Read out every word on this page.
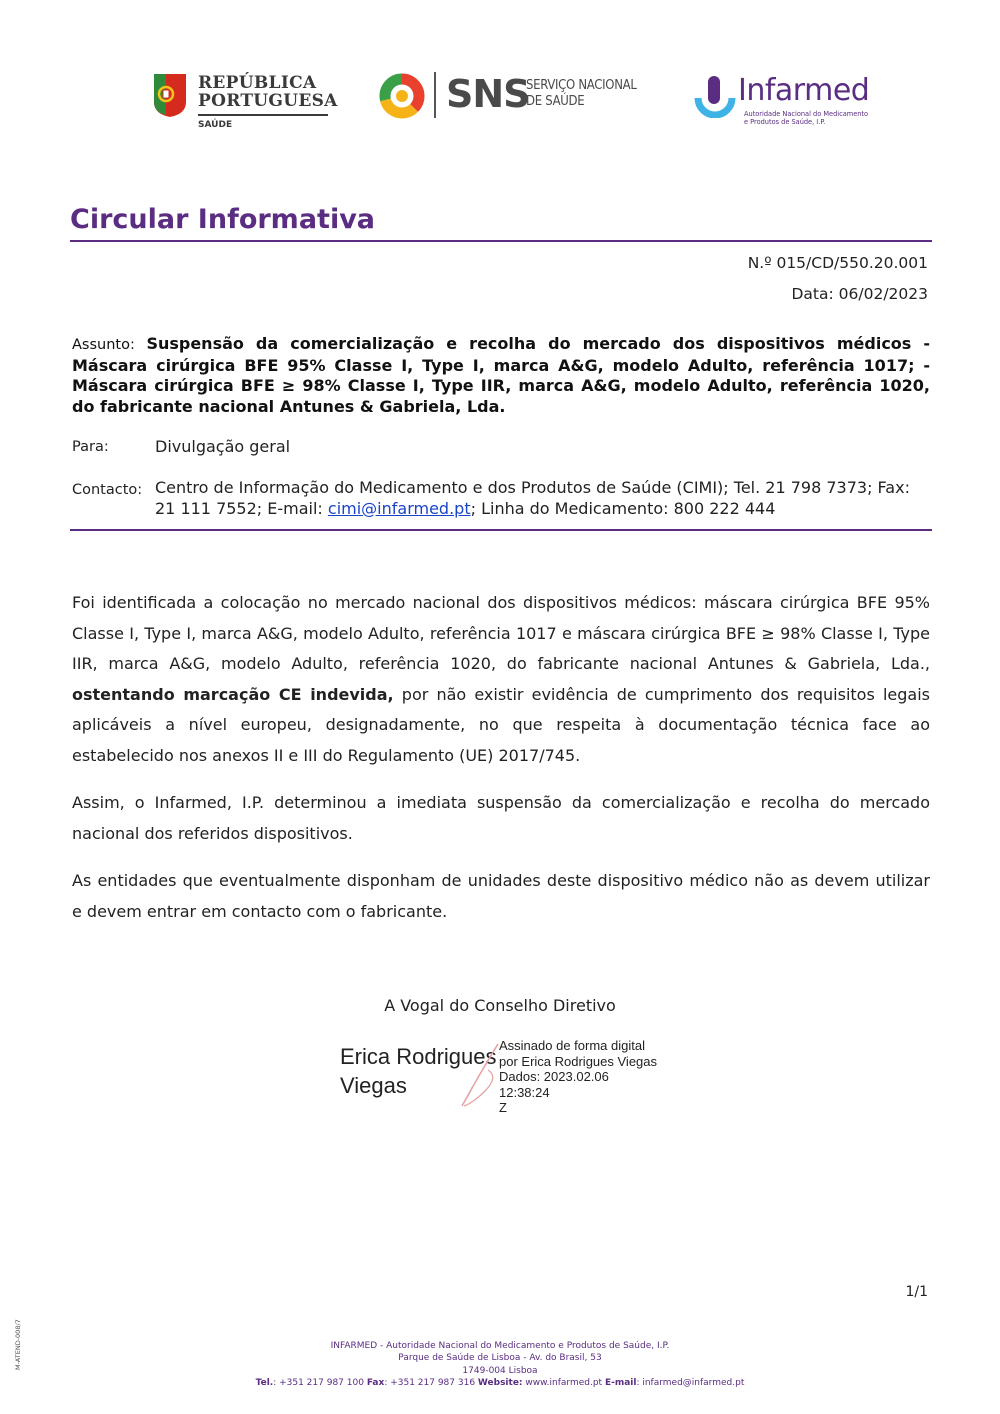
REPÚBLICA
PORTUGUESA
SAÚDE
SNS
SERVIÇO NACIONAL
DE SAÚDE	Infarmed
Autoridade Nacional do Medicamento
e Produtos de Saúde, I.P.
Circular Informativa
N.º 015/CD/550.20.001
Data: 06/02/2023
Assunto: Suspensão da comercialização e recolha do mercado dos dispositivos médicos - Máscara cirúrgica BFE 95% Classe I, Type I, marca A&G, modelo Adulto, referência 1017; - Máscara cirúrgica BFE ≥ 98% Classe I, Type IIR, marca A&G, modelo Adulto, referência 1020, do fabricante nacional Antunes & Gabriela, Lda.
Para:	Divulgação geral
Contacto: Centro de Informação do Medicamento e dos Produtos de Saúde (CIMI); Tel. 21 798 7373; Fax: 21 111 7552; E-mail: cimi@infarmed.pt; Linha do Medicamento: 800 222 444
Foi identificada a colocação no mercado nacional dos dispositivos médicos: máscara cirúrgica BFE 95% Classe I, Type I, marca A&G, modelo Adulto, referência 1017 e máscara cirúrgica BFE ≥ 98% Classe I, Type IIR, marca A&G, modelo Adulto, referência 1020, do fabricante nacional Antunes & Gabriela, Lda., ostentando marcação CE indevida, por não existir evidência de cumprimento dos requisitos legais aplicáveis a nível europeu, designadamente, no que respeita à documentação técnica face ao estabelecido nos anexos II e III do Regulamento (UE) 2017/745.
Assim, o Infarmed, I.P. determinou a imediata suspensão da comercialização e recolha do mercado nacional dos referidos dispositivos.
As entidades que eventualmente disponham de unidades deste dispositivo médico não as devem utilizar e devem entrar em contacto com o fabricante.
A Vogal do Conselho Diretivo
Erica Rodrigues
Viegas
Assinado de forma digital
por Erica Rodrigues Viegas
Dados: 2023.02.06 12:38:24
Z
1/1
M-ATEND-008/7	INFARMED - Autoridade Nacional do Medicamento e Produtos de Saúde, I.P.
Parque de Saúde de Lisboa - Av. do Brasil, 53
1749-004 Lisboa
Tel.: +351 217 987 100 Fax: +351 217 987 316 Website: www.infarmed.pt E-mail: infarmed@infarmed.pt
